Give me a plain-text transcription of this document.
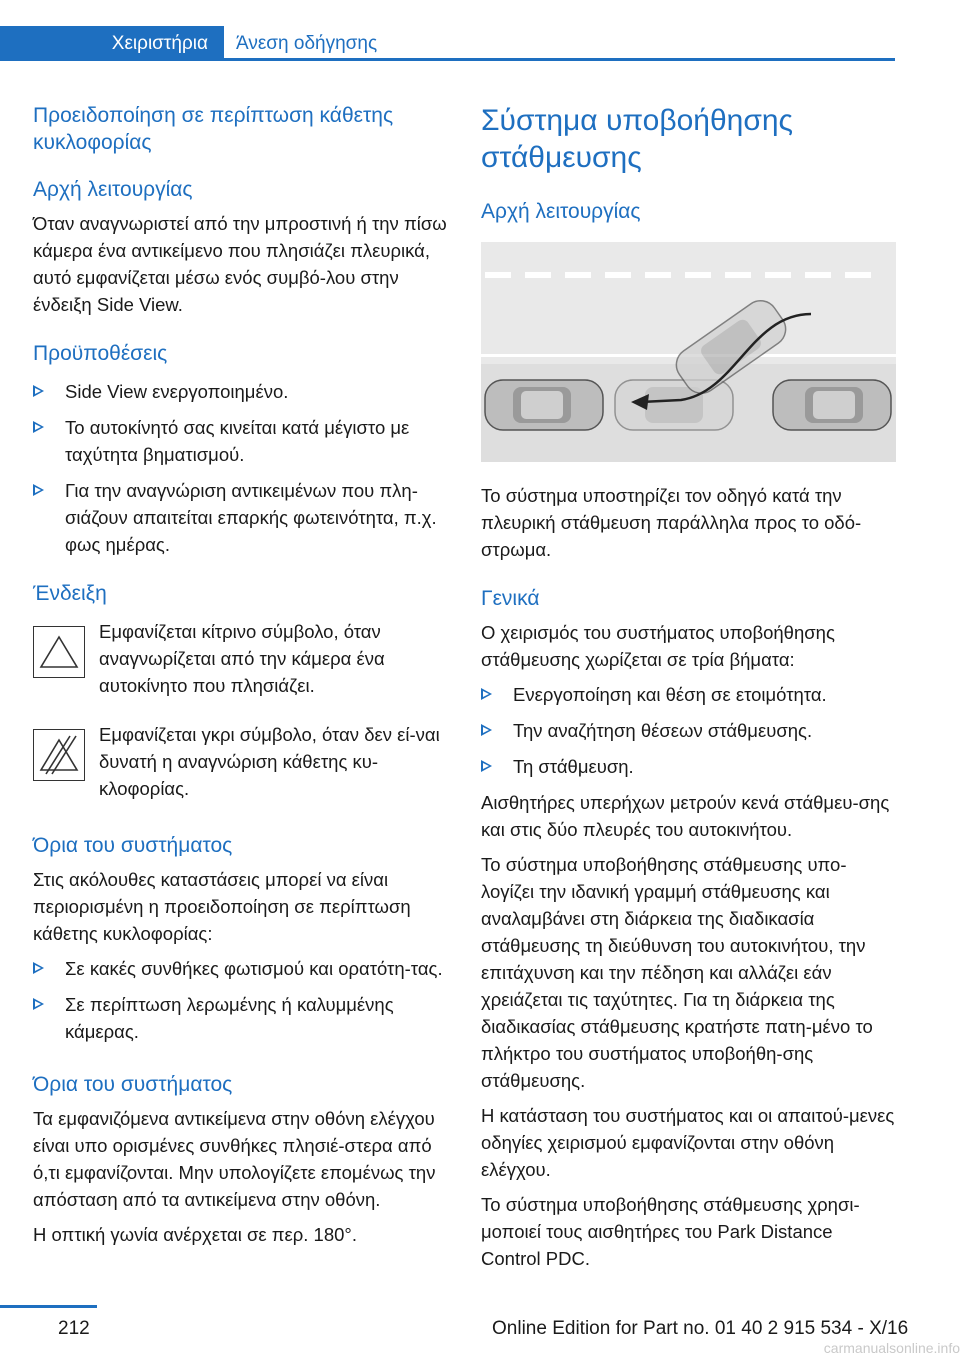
Χειριστήρια	Άνεση οδήγησης
Προειδοποίηση σε περίπτωση κάθετης κυκλοφορίας
Αρχή λειτουργίας
Όταν αναγνωριστεί από την μπροστινή ή την πίσω κάμερα ένα αντικείμενο που πλησιάζει πλευρικά, αυτό εμφανίζεται μέσω ενός συμβό-λου στην ένδειξη Side View.
Προϋποθέσεις
Side View ενεργοποιημένο.
Το αυτοκίνητό σας κινείται κατά μέγιστο με ταχύτητα βηματισμού.
Για την αναγνώριση αντικειμένων που πλη-σιάζουν απαιτείται επαρκής φωτεινότητα, π.χ. φως ημέρας.
Ένδειξη
Εμφανίζεται κίτρινο σύμβολο, όταν αναγνωρίζεται από την κάμερα ένα αυτοκίνητο που πλησιάζει.
Εμφανίζεται γκρι σύμβολο, όταν δεν εί-ναι δυνατή η αναγνώριση κάθετης κυ-κλοφορίας.
Όρια του συστήματος
Στις ακόλουθες καταστάσεις μπορεί να είναι περιορισμένη η προειδοποίηση σε περίπτωση κάθετης κυκλοφορίας:
Σε κακές συνθήκες φωτισμού και ορατότη-τας.
Σε περίπτωση λερωμένης ή καλυμμένης κάμερας.
Όρια του συστήματος
Τα εμφανιζόμενα αντικείμενα στην οθόνη ελέγχου είναι υπο ορισμένες συνθήκες πλησιέ-στερα από ό,τι εμφανίζονται. Μην υπολογίζετε επομένως την απόσταση από τα αντικείμενα στην οθόνη.
Η οπτική γωνία ανέρχεται σε περ. 180°.
Σύστημα υποβοήθησης στάθμευσης
Αρχή λειτουργίας
Το σύστημα υποστηρίζει τον οδηγό κατά την πλευρική στάθμευση παράλληλα προς το οδό-στρωμα.
Γενικά
Ο χειρισμός του συστήματος υποβοήθησης στάθμευσης χωρίζεται σε τρία βήματα:
Ενεργοποίηση και θέση σε ετοιμότητα.
Την αναζήτηση θέσεων στάθμευσης.
Τη στάθμευση.
Αισθητήρες υπερήχων μετρούν κενά στάθμευ-σης και στις δύο πλευρές του αυτοκινήτου.
Το σύστημα υποβοήθησης στάθμευσης υπο-λογίζει την ιδανική γραμμή στάθμευσης και αναλαμβάνει στη διάρκεια της διαδικασία στάθμευσης τη διεύθυνση του αυτοκινήτου, την επιτάχυνση και την πέδηση και αλλάζει εάν χρειάζεται τις ταχύτητες. Για τη διάρκεια της διαδικασίας στάθμευσης κρατήστε πατη-μένο το πλήκτρο του συστήματος υποβοήθη-σης στάθμευσης.
Η κατάσταση του συστήματος και οι απαιτού-μενες οδηγίες χειρισμού εμφανίζονται στην οθόνη ελέγχου.
Το σύστημα υποβοήθησης στάθμευσης χρησι-μοποιεί τους αισθητήρες του Park Distance Control PDC.
212	Online Edition for Part no. 01 40 2 915 534 - X/16
carmanualsonline.info
